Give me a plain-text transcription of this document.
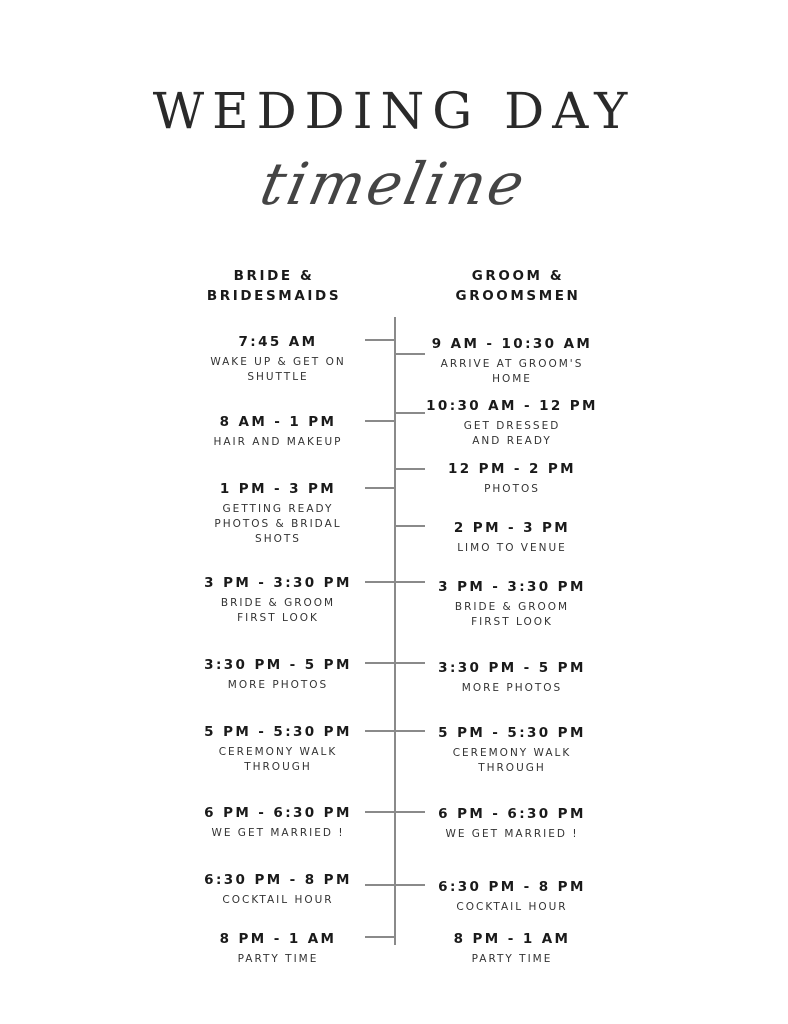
WEDDING DAY
timeline
BRIDE &
BRIDESMAIDS
GROOM &
GROOMSMEN
7:45 AM
WAKE UP & GET ON
SHUTTLE
8 AM - 1 PM
HAIR AND MAKEUP
1 PM - 3 PM
GETTING READY
PHOTOS & BRIDAL
SHOTS
3 PM - 3:30 PM
BRIDE & GROOM
FIRST LOOK
3:30 PM - 5 PM
MORE PHOTOS
5 PM - 5:30 PM
CEREMONY WALK
THROUGH
6 PM - 6:30 PM
WE GET MARRIED !
6:30 PM - 8 PM
COCKTAIL HOUR
8 PM - 1 AM
PARTY TIME
9 AM - 10:30 AM
ARRIVE AT GROOM'S
HOME
10:30 AM - 12 PM
GET DRESSED
AND READY
12 PM - 2 PM
PHOTOS
2 PM - 3 PM
LIMO TO VENUE
3 PM - 3:30 PM
BRIDE & GROOM
FIRST LOOK
3:30 PM - 5 PM
MORE PHOTOS
5 PM - 5:30 PM
CEREMONY WALK
THROUGH
6 PM - 6:30 PM
WE GET MARRIED !
6:30 PM - 8 PM
COCKTAIL HOUR
8 PM - 1 AM
PARTY TIME
